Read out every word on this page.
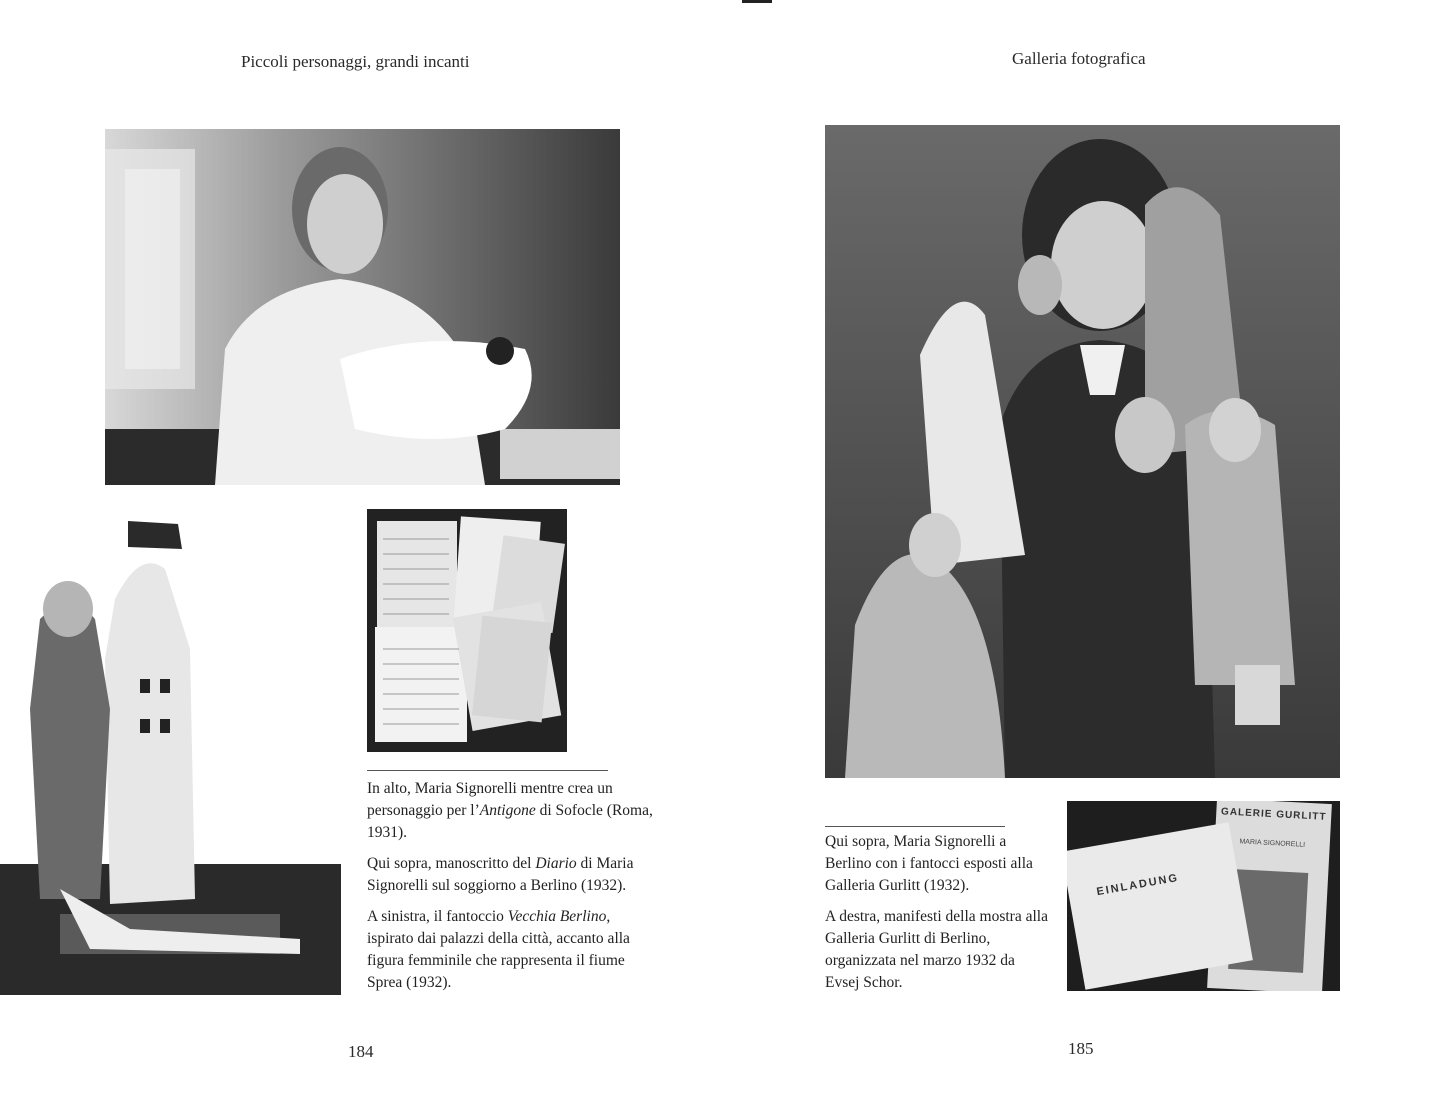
Piccoli personaggi, grandi incanti

In alto, Maria Signorelli mentre crea un personaggio per l’Antigone di Sofocle (Roma, 1931).

Qui sopra, manoscritto del Diario di Maria Signorelli sul soggiorno a Berlino (1932).

A sinistra, il fantoccio Vecchia Berlino, ispirato dai palazzi della città, accanto alla figura femminile che rappresenta il fiume Sprea (1932).

184
Galleria fotografica

Qui sopra, Maria Signorelli a Berlino con i fantocci esposti alla Galleria Gurlitt (1932).

A destra, manifesti della mostra alla Galleria Gurlitt di Berlino, organizzata nel marzo 1932 da Evsej Schor.

GALERIE GURLITT
MARIA SIGNORELLI
EINLADUNG
185
